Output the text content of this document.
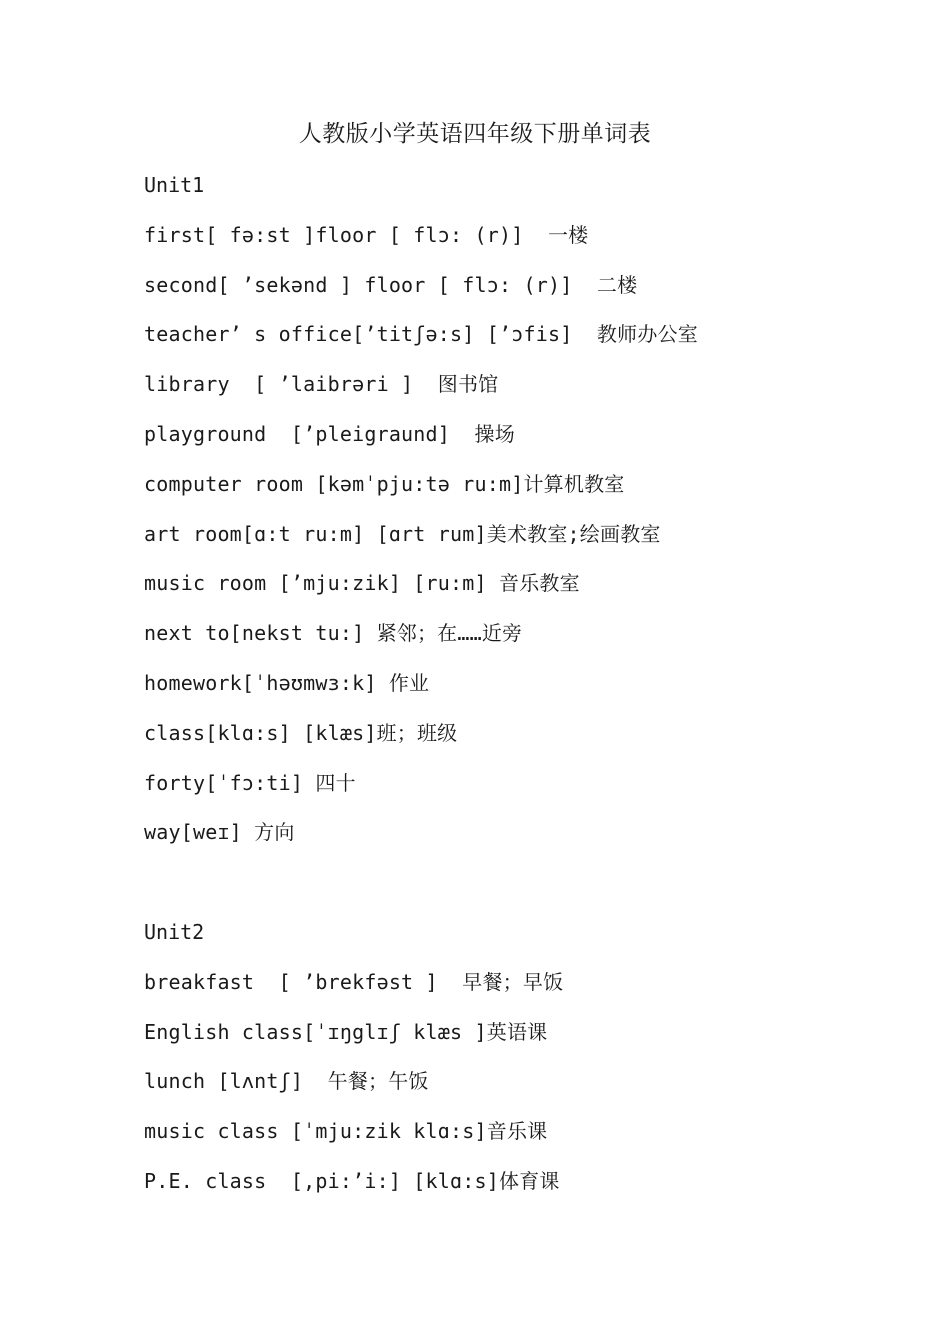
人教版小学英语四年级下册单词表
Unit1
first[ fə:st ]floor [ flɔ: (r)]  一楼
second[ ’sekənd ] floor [ flɔ: (r)]  二楼
teacher’ s office[’titʃə:s] [’ɔfis]  教师办公室
library  [ ’laibrəri ]  图书馆
playground  [’pleigraund]  操场
computer room [kəmˈpju:tə ru:m]计算机教室
art room[ɑ:t ru:m] [ɑrt rum]美术教室;绘画教室
music room [’mju:zik] [ru:m] 音乐教室
next to[nekst tu:] 紧邻；在……近旁
homework[ˈhəʊmwɜ:k] 作业
class[klɑ:s] [klæs]班；班级
forty[ˈfɔ:ti] 四十
way[weɪ] 方向
Unit2
breakfast  [ ’brekfəst ]  早餐；早饭
English class[ˈɪŋglɪʃ klæs ]英语课
lunch [lʌntʃ]  午餐；午饭
music class [ˈmju:zik klɑ:s]音乐课
P.E. class  [,pi:’i:] [klɑ:s]体育课
